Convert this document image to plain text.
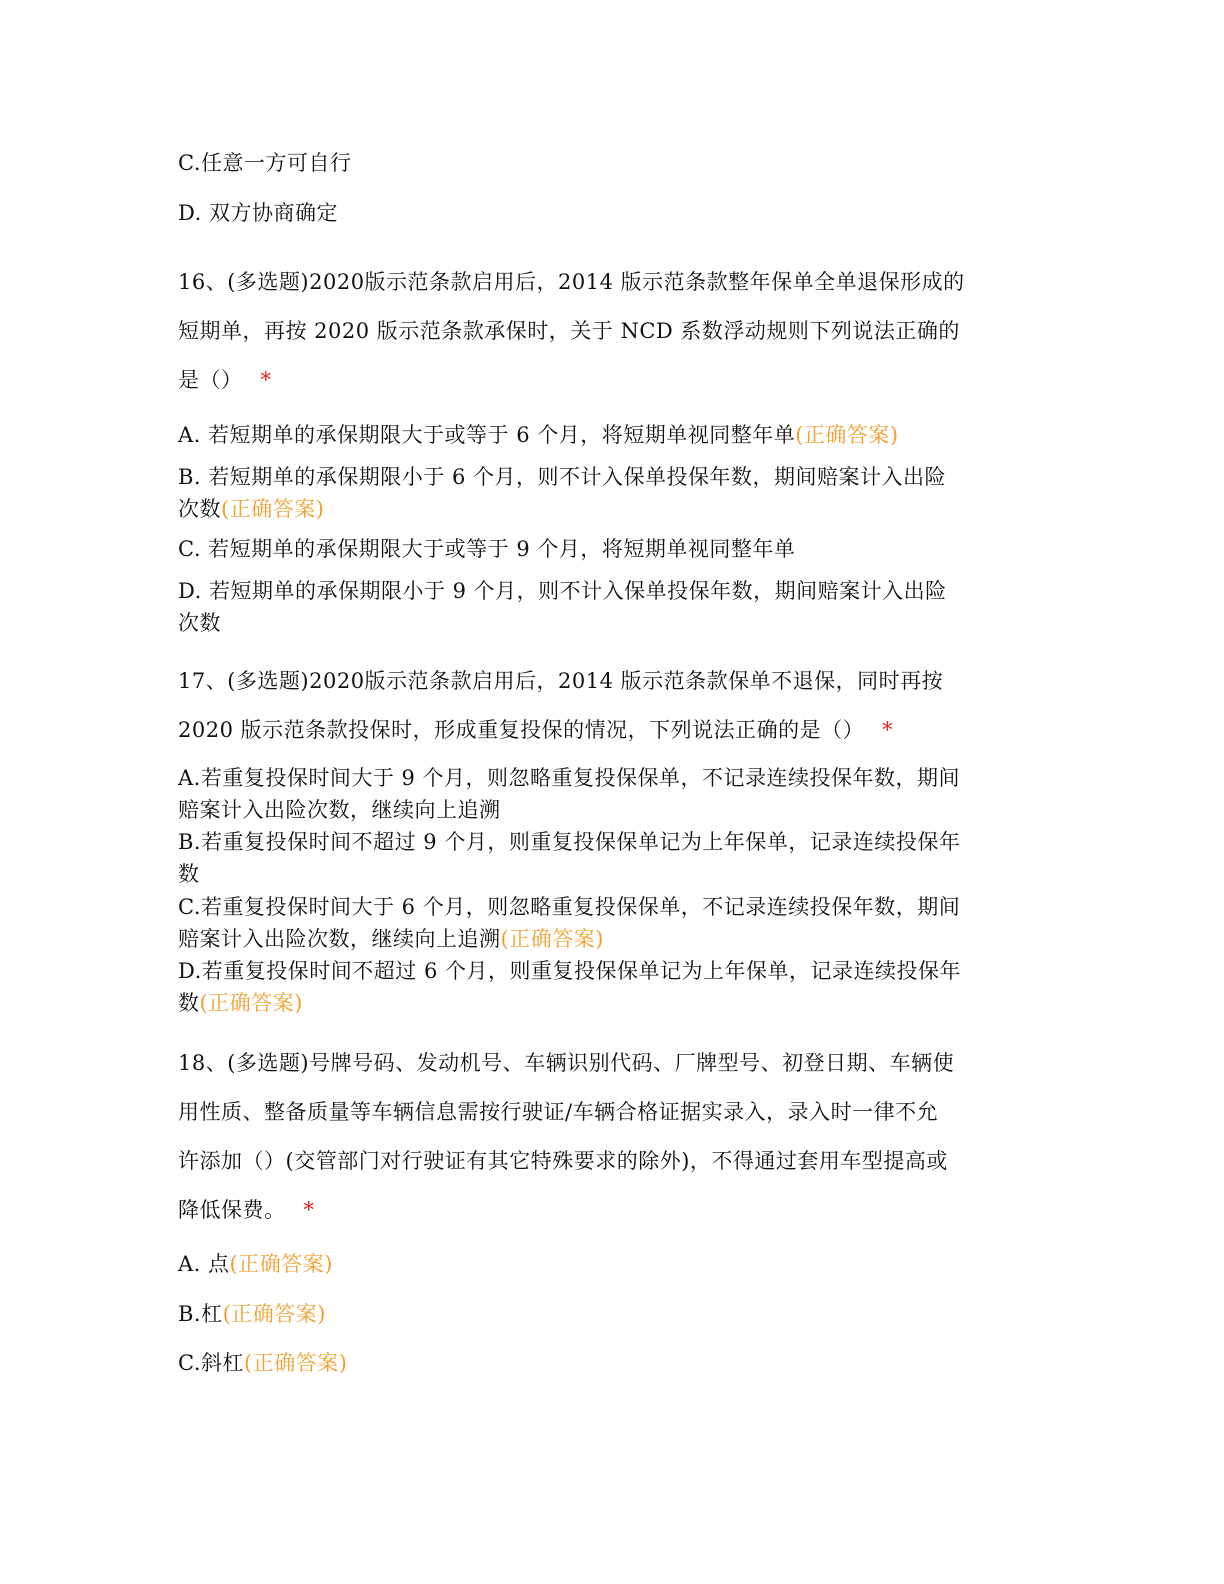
C.任意一方可自行
D. 双方协商确定
16、(多选题)2020版示范条款启用后，2014 版示范条款整年保单全单退保形成的
短期单，再按 2020 版示范条款承保时，关于 NCD 系数浮动规则下列说法正确的
是（） *
A. 若短期单的承保期限大于或等于 6 个月，将短期单视同整年单(正确答案)
B. 若短期单的承保期限小于 6 个月，则不计入保单投保年数，期间赔案计入出险
次数(正确答案)
C. 若短期单的承保期限大于或等于 9 个月，将短期单视同整年单
D. 若短期单的承保期限小于 9 个月，则不计入保单投保年数，期间赔案计入出险
次数
17、(多选题)2020版示范条款启用后，2014 版示范条款保单不退保，同时再按
2020 版示范条款投保时，形成重复投保的情况，下列说法正确的是（） *
A.若重复投保时间大于 9 个月，则忽略重复投保保单，不记录连续投保年数，期间
赔案计入出险次数，继续向上追溯
B.若重复投保时间不超过 9 个月，则重复投保保单记为上年保单，记录连续投保年
数
C.若重复投保时间大于 6 个月，则忽略重复投保保单，不记录连续投保年数，期间
赔案计入出险次数，继续向上追溯(正确答案)
D.若重复投保时间不超过 6 个月，则重复投保保单记为上年保单，记录连续投保年
数(正确答案)
18、(多选题)号牌号码、发动机号、车辆识别代码、厂牌型号、初登日期、车辆使
用性质、整备质量等车辆信息需按行驶证/车辆合格证据实录入，录入时一律不允
许添加（）(交管部门对行驶证有其它特殊要求的除外)，不得通过套用车型提高或
降低保费。 *
A. 点(正确答案)
B.杠(正确答案)
C.斜杠(正确答案)
